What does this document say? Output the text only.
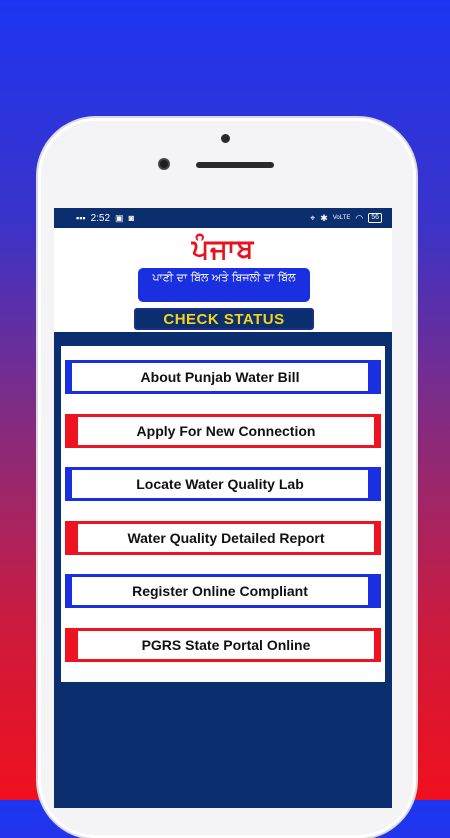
▪▪▪ 2:52 ▣ ◙	⌖ ✱ VoLTE ◠	56
ਪੰਜਾਬ
ਪਾਣੀ ਦਾ ਬਿੱਲ ਅਤੇ ਬਿਜਲੀ ਦਾ ਬਿੱਲ
CHECK STATUS
About Punjab Water Bill
Apply For New Connection
Locate Water Quality Lab
Water Quality Detailed Report
Register Online Compliant
PGRS State Portal Online
